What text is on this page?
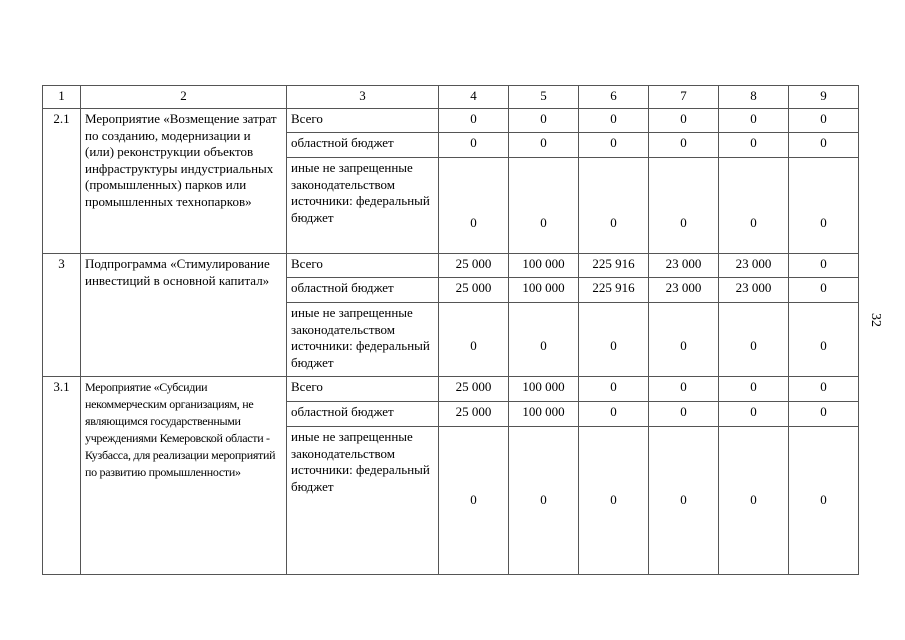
1	2	3	4	5	6	7	8	9
2.1	Мероприятие «Возмещение затрат по созданию, модернизации и (или) реконструкции объектов инфраструктуры индустриальных (промышленных) парков или промышленных технопарков»	Всего	0	0	0	0	0	0
		областной бюджет	0	0	0	0	0	0
		иные не запрещенные законодательством источники: федеральный бюджет	0	0	0	0	0	0
3	Подпрограмма «Стимулирование инвестиций в основной капитал»	Всего	25 000	100 000	225 916	23 000	23 000	0
		областной бюджет	25 000	100 000	225 916	23 000	23 000	0
		иные не запрещенные законодательством источники: федеральный бюджет	0	0	0	0	0	0
3.1	Мероприятие «Субсидии некоммерческим организациям, не являющимся государственными учреждениями Кемеровской области - Кузбасса, для реализации мероприятий по развитию промышленности»	Всего	25 000	100 000	0	0	0	0
		областной бюджет	25 000	100 000	0	0	0	0
		иные не запрещенные законодательством источники: федеральный бюджет	0	0	0	0	0	0
32
